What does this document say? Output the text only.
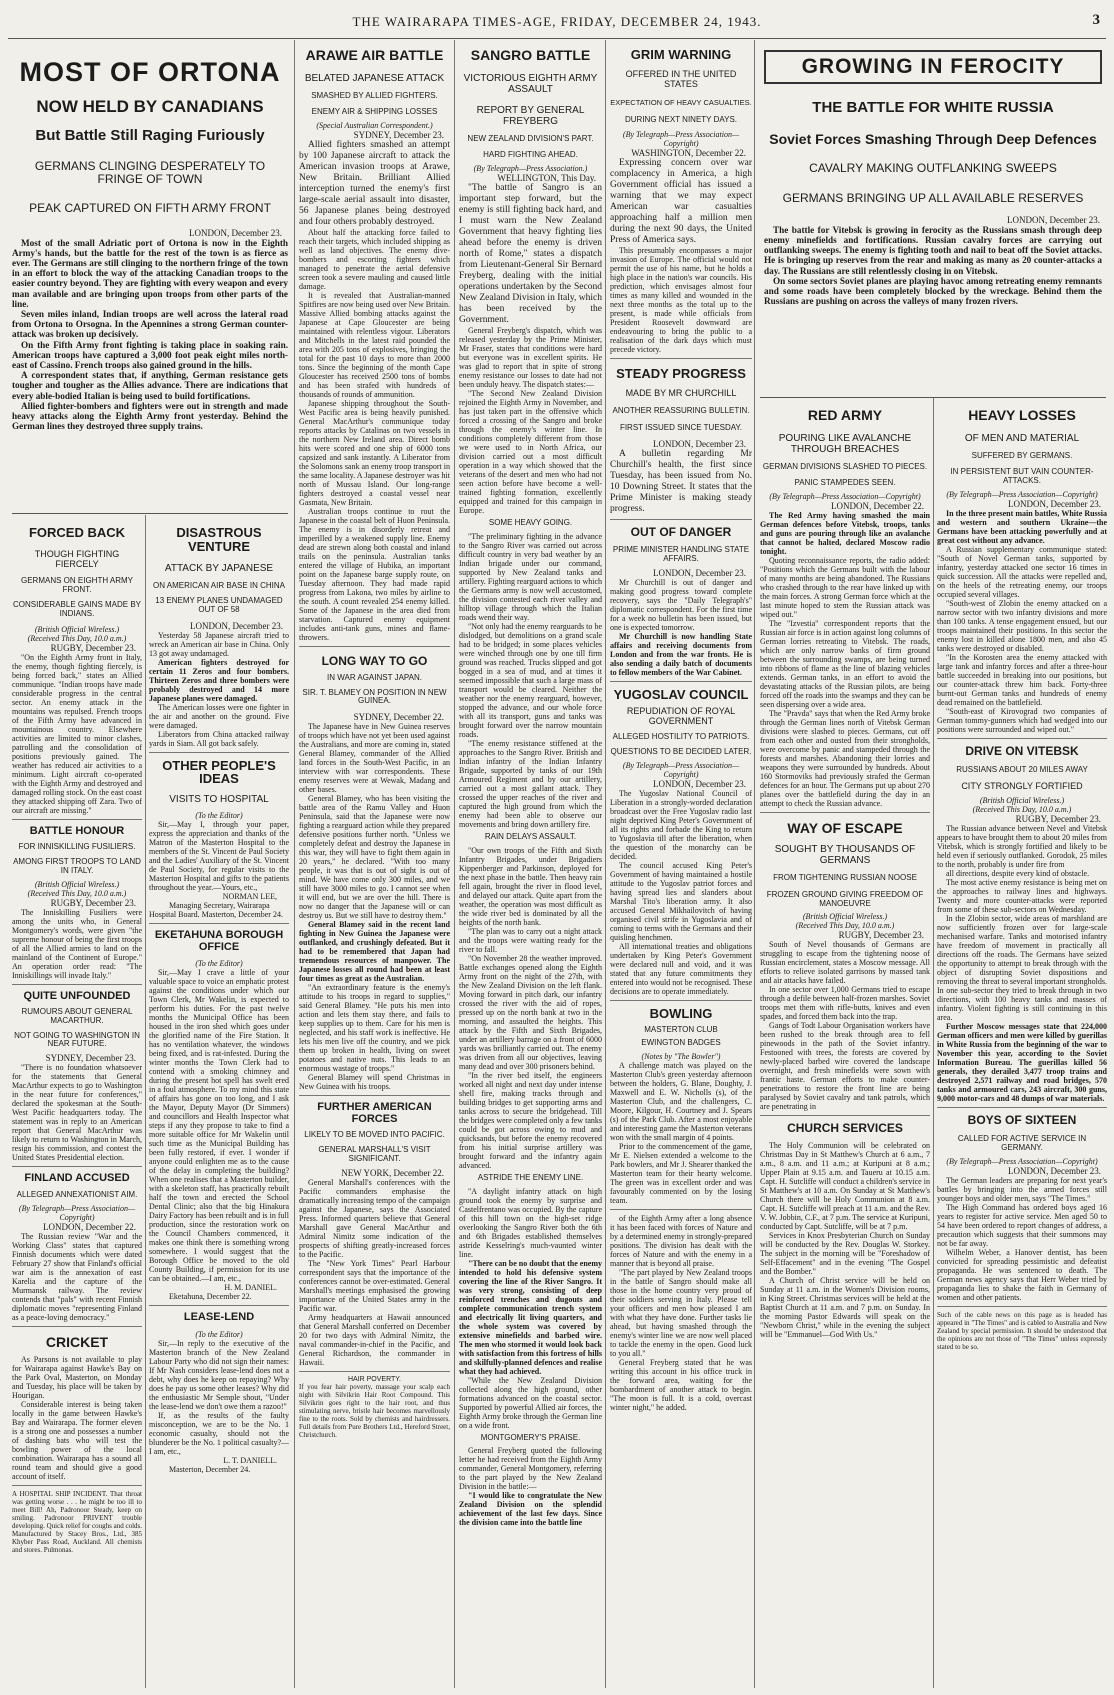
THE WAIRARAPA TIMES-AGE, FRIDAY, DECEMBER 24, 1943.	3
MOST OF ORTONA
NOW HELD BY CANADIANS
But Battle Still Raging Furiously
GERMANS CLINGING DESPERATELY TO FRINGE OF TOWN
PEAK CAPTURED ON FIFTH ARMY FRONT
LONDON, December 23.

Most of the small Adriatic port of Ortona is now in the Eighth Army's hands, but the battle for the rest of the town is as fierce as ever. The Germans are still clinging to the northern fringe of the town in an effort to block the way of the attacking Canadian troops to the easier country beyond. They are fighting with every weapon and every man available and are bringing upon troops from other parts of the line.

Seven miles inland, Indian troops are well across the lateral road from Ortona to Orsogna. In the Apennines a strong German counter-attack was broken up decisively.

On the Fifth Army front fighting is taking place in soaking rain. American troops have captured a 3,000 foot peak eight miles north-east of Cassino. French troops also gained ground in the hills.

A correspondent states that, if anything, German resistance gets tougher and tougher as the Allies advance. There are indications that every able-bodied Italian is being used to build fortifications.

Allied fighter-bombers and fighters were out in strength and made heavy attacks along the Eighth Army front yesterday. Behind the German lines they destroyed three supply trains.

FORCED BACK
THOUGH FIGHTING FIERCELY
GERMANS ON EIGHTH ARMY FRONT.
CONSIDERABLE GAINS MADE BY INDIANS.
(British Official Wireless.)
(Received This Day, 10.0 a.m.)
RUGBY, December 23.

"On the Eighth Army front in Italy, the enemy, though fighting fiercely, is being forced back," states an Allied communique. "Indian troops have made considerable progress in the central sector. An enemy attack in the mountains was repulsed. French troops of the Fifth Army have advanced in mountainous country. Elsewhere activities are limited to minor clashes, patrolling and the consolidation of positions previously gained. The weather has reduced air activities to a minimum. Light aircraft co-operated with the Eighth Army and destroyed and damaged rolling stock. On the east coast they attacked shipping off Zara. Two of our aircraft are missing."

BATTLE HONOUR
FOR INNISKILLING FUSILIERS.
AMONG FIRST TROOPS TO LAND IN ITALY.
(British Official Wireless.)
(Received This Day, 10.0 a.m.)
RUGBY, December 23.

The Inniskilling Fusiliers were among the units who, in General Montgomery's words, were given "the supreme honour of being the first troops of all the Allied armies to land on the mainland of the Continent of Europe." An operation order read: "The Inniskillings will invade Italy."

QUITE UNFOUNDED
RUMOURS ABOUT GENERAL MACARTHUR.
NOT GOING TO WASHINGTON IN NEAR FUTURE.
SYDNEY, December 23.

"There is no foundation whatsoever for the statements that General MacArthur expects to go to Washington in the near future for conferences," declared the spokesman at the South-West Pacific headquarters today. The statement was in reply to an American report that General MacArthur was likely to return to Washington in March, resign his commission, and contest the United States Presidential election.

FINLAND ACCUSED
ALLEGED ANNEXATIONIST AIM.
(By Telegraph—Press Association—Copyright)
LONDON, December 22.

The Russian review "War and the Working Class" states that captured Finnish documents which were dated February 27 show that Finland's official war aim is the annexation of east Karelia and the capture of the Murmansk railway. The review contends that "pals" with recent Finnish diplomatic moves "representing Finland as a peace-loving democracy."

CRICKET

As Parsons is not available to play for Wairarapa against Hawke's Bay on the Park Oval, Masterton, on Monday and Tuesday, his place will be taken by Hourigan.

Considerable interest is being taken locally in the game between Hawke's Bay and Wairarapa. The former eleven is a strong one and possesses a number of dashing bats who will test the bowling power of the local combination. Wairarapa has a sound all round team and should give a good account of itself.

A HOSPITAL SHIP INCIDENT. That throat was getting worse . . . he might be too ill to meet Bill! Ah, Padronoor Steady, keep on smiling. Padronoor PRIVENT trouble developing. Quick relief for coughs and colds. Manufactured by Stacey Bros., Ltd., 385 Khyber Pass Road, Auckland. All chemists and stores. Pulmonas.
DISASTROUS VENTURE
ATTACK BY JAPANESE
ON AMERICAN AIR BASE IN CHINA
13 ENEMY PLANES UNDAMAGED OUT OF 58
LONDON, December 23.

Yesterday 58 Japanese aircraft tried to wreck an American air base in China. Only 13 got away undamaged.

American fighters destroyed for certain 11 Zeros and four bombers. Thirteen Zeros and three bombers were probably destroyed and 14 more Japanese planes were damaged.

The American losses were one fighter in the air and another on the ground. Five were damaged.

Liberators from China attacked railway yards in Siam. All got back safely.

OTHER PEOPLE'S IDEAS
VISITS TO HOSPITAL
(To the Editor)

Sir,—May I, through your paper, express the appreciation and thanks of the Matron of the Masterton Hospital to the members of the St. Vincent de Paul Society and the Ladies' Auxiliary of the St. Vincent de Paul Society, for regular visits to the Masterton Hospital and gifts to the patients throughout the year.—Yours, etc.,

NORMAN LEE,
Managing Secretary, Wairarapa Hospital Board. Masterton, December 24.
EKETAHUNA BOROUGH OFFICE
(To the Editor)

Sir,—May I crave a little of your valuable space to voice an emphatic protest against the conditions under which our Town Clerk, Mr Wakelin, is expected to perform his duties. For the past twelve months the Municipal Office has been housed in the iron shed which goes under the glorified name of the Fire Station. It has no ventilation whatever, the windows being fixed, and is rat-infested. During the winter months the Town Clerk had to contend with a smoking chimney and during the present hot spell has swelt ered in a foul atmosphere. To my mind this state of affairs has gone on too long, and I ask the Mayor, Deputy Mayor (Dr Simmers) and councillors and Health Inspector what steps if any they propose to take to find a more suitable office for Mr Wakelin until such time as the Municipal Building has been fully restored, if ever. I wonder if anyone could enlighten me as to the cause of the delay in completing the building? When one realises that a Masterton builder, with a skeleton staff, has practically rebuilt half the town and erected the School Dental Clinic; also that the big Hinakura Dairy Factory has been rebuilt and is in full production, since the restoration work on the Council Chambers commenced, it makes one think there is something wrong somewhere. I would suggest that the Borough Office be moved to the old County Building, if permission for its use can be obtained.—I am, etc.,

H. M. DANIEL.
Eketahuna, December 22.
LEASE-LEND
(To the Editor)

Sir,—In reply to the executive of the Masterton branch of the New Zealand Labour Party who did not sign their names: If Mr Nash considers lease-lend does not a debt, why does he keep on repaying? Why does he pay us some other leases? Why did the enthusiastic Mr Semple shout, "Under the lease-lend we don't owe them a razoo!"

If, as the results of the faulty misconception, we are to be the No. 1 economic casualty, should not the blunderer be the No. 1 political casualty?—I am, etc.,

L. T. DANIELL.
Masterton, December 24.
ARAWE AIR BATTLE
BELATED JAPANESE ATTACK
SMASHED BY ALLIED FIGHTERS.
ENEMY AIR & SHIPPING LOSSES
(Special Australian Correspondent.)
SYDNEY, December 23.

Allied fighters smashed an attempt by 100 Japanese aircraft to attack the American invasion troops at Arawe, New Britain. Brilliant Allied interception turned the enemy's first large-scale aerial assault into disaster, 56 Japanese planes being destroyed and four others probably destroyed.

About half the attacking force failed to reach their targets, which included shipping as well as land objectives. The enemy dive-bombers and escorting fighters which managed to penetrate the aerial defensive screen took a severe mauling and caused little damage.

It is revealed that Australian-manned Spitfires are now being used over New Britain. Massive Allied bombing attacks against the Japanese at Cape Gloucester are being maintained with relentless vigour. Liberators and Mitchells in the latest raid pounded the area with 205 tons of explosives, bringing the total for the past 10 days to more than 2000 tons. Since the beginning of the month Cape Gloucester has received 2500 tons of bombs and has been strafed with hundreds of thousands of rounds of ammunition.

Japanese shipping throughout the South-West Pacific area is being heavily punished. General MacArthur's communique today reports attacks by Catalinas on two vessels in the northern New Ireland area. Direct bomb hits were scored and one ship of 6000 tons capsized and sank instantly. A Liberator from the Solomons sank an enemy troop transport in the same locality. A Japanese destroyer was hit north of Mussau Island. Our long-range fighters destroyed a coastal vessel near Gasmata, New Britain.

Australian troops continue to rout the Japanese in the coastal belt of Huon Peninsula. The enemy is in disorderly retreat and imperilled by a weakened supply line. Enemy dead are strewn along both coastal and inland trails on the peninsula. Australian tanks entered the village of Hubika, an important point on the Japanese barge supply route, on Tuesday afternoon. They had made rapid progress from Lakona, two miles by airline to the south. A count revealed 254 enemy killed. Some of the Japanese in the area died from starvation. Captured enemy equipment includes anti-tank guns, mines and flame-throwers.

LONG WAY TO GO
IN WAR AGAINST JAPAN.
SIR. T. BLAMEY ON POSITION IN NEW GUINEA.
SYDNEY, December 22.

The Japanese have in New Guinea reserves of troops which have not yet been used against the Australians, and more are coming in, stated General Blamey, commander of the Allied land forces in the South-West Pacific, in an interview with war correspondents. These enemy reserves were at Wewak, Madang and other bases.

General Blamey, who has been visiting the battle area of the Ramu Valley and Huon Peninsula, said that the Japanese were now fighting a rearguard action while they prepared defensive positions further north. "Unless we completely defeat and destroy the Japanese in this war, they will have to fight them again in 20 years," he declared. "With too many people, it was that is out of sight is out of mind. We have come only 300 miles, and we still have 3000 miles to go. I cannot see when it will end, but we are over the hill. There is now no danger that the Japanese will or can destroy us. But we still have to destroy them."

General Blamey said in the recent land fighting in New Guinea the Japanese were outflanked, and crushingly defeated. But it had to be remembered that Japan had tremendous resources of manpower. The Japanese losses all round had been at least four times as great as the Australian.

"An extraordinary feature is the enemy's attitude to his troops in regard to supplies," said General Blamey. "He puts his men into action and lets them stay there, and fails to keep supplies up to them. Care for his men is neglected, and his staff work is ineffective. He lets his men live off the country, and we pick them up broken in health, living on sweet potatoes and native nuts. This leads to an enormous wastage of troops."

General Blamey will spend Christmas in New Guinea with his troops.

FURTHER AMERICAN FORCES
LIKELY TO BE MOVED INTO PACIFIC.
GENERAL MARSHALL'S VISIT SIGNIFICANT.
NEW YORK, December 22.

General Marshall's conferences with the Pacific commanders emphasise the dramatically increasing tempo of the campaign against the Japanese, says the Associated Press. Informed quarters believe that General Marshall gave General MacArthur and Admiral Nimitz some indication of the prospects of shifting greatly-increased forces to the Pacific.

The "New York Times" Pearl Harbour correspondent says that the importance of the conferences cannot be over-estimated. General Marshall's meetings emphasised the growing importance of the United States army in the Pacific war.

Army headquarters at Hawaii announced that General Marshall conferred on December 20 for two days with Admiral Nimitz, the naval commander-in-chief in the Pacific, and General Richardson, the commander in Hawaii.

HAIR POVERTY.
If you fear hair poverty, massage your scalp each night with Silvikrin Hair Root Compound. This Silvikrin goes right to the hair root, and thus stimulating nerve, bristle hair becomes marvellously fine to the roots. Sold by chemists and hairdressers. Full details from Pure Brothers Ltd., Hereford Street, Christchurch.
SANGRO BATTLE
VICTORIOUS EIGHTH ARMY ASSAULT
REPORT BY GENERAL FREYBERG
NEW ZEALAND DIVISION'S PART.
HARD FIGHTING AHEAD.
(By Telegraph—Press Association.)
WELLINGTON, This Day.

"The battle of Sangro is an important step forward, but the enemy is still fighting back hard, and I must warn the New Zealand Government that heavy fighting lies ahead before the enemy is driven north of Rome," states a dispatch from Lieutenant-General Sir Bernard Freyberg, dealing with the initial operations undertaken by the Second New Zealand Division in Italy, which has been received by the Government.

General Freyberg's dispatch, which was released yesterday by the Prime Minister, Mr Fraser, states that conditions were hard but everyone was in excellent spirits. He was glad to report that in spite of strong enemy resistance our losses to date had not been unduly heavy. The dispatch states:—

"The Second New Zealand Division rejoined the Eighth Army in November, and has just taken part in the offensive which forced a crossing of the Sangro and broke through the enemy's winter line. In conditions completely different from those we were used to in North Africa, our division carried out a most difficult operation in a way which showed that the veterans of the desert and men who had not seen action before have become a well-trained fighting formation, excellently equipped and trained for this campaign in Europe.

SOME HEAVY GOING.

"The preliminary fighting in the advance to the Sangro River was carried out across difficult country in very bad weather by an Indian brigade under our command, supported by New Zealand tanks and artillery. Fighting rearguard actions to which the Germans army is now well accustomed, the division contested each river valley and hilltop village through which the Italian roads wend their way.

"Not only had the enemy rearguards to be dislodged, but demolitions on a grand scale had to be bridged; in some places vehicles were winched through one by one till firm ground was reached. Trucks slipped and got bogged in a sea of mud, and at times it seemed impossible that such a large mass of transport would be cleared. Neither the weather nor the enemy rearguard, however, stopped the advance, and our whole force with all its transport, guns and tanks was brought forward over the narrow mountain roads.

"The enemy resistance stiffened at the approaches to the Sangro River. British and Indian infantry of the Indian Infantry Brigade, supported by tanks of our 19th Armoured Regiment and by our artillery, carried out a most gallant attack. They crossed the upper reaches of the river and captured the high ground from which the enemy had been able to observe our movements and bring down artillery fire.

RAIN DELAYS ASSAULT.

"Our own troops of the Fifth and Sixth Infantry Brigades, under Brigadiers Kippenberger and Parkinson, deployed for the next phase in the battle. Then heavy rain fell again, brought the river in flood level, and delayed our attack. Quite apart from the weather, the operation was most difficult as the wide river bed is dominated by all the heights of the north bank.

"The plan was to carry out a night attack and the troops were waiting ready for the river to fall.

"On November 28 the weather improved. Battle exchanges opened along the Eighth Army front on the night of the 27th, with the New Zealand Division on the left flank. Moving forward in pitch dark, our infantry crossed the river with the aid of ropes, pressed up on the north bank at two in the morning, and assaulted the heights. This attack by the Fifth and Sixth Brigades, under an artillery barrage on a front of 6000 yards was brilliantly carried out. The enemy was driven from all our objectives, leaving many dead and over 300 prisoners behind.

"In the river bed itself, the engineers worked all night and next day under intense shell fire, making tracks through and building bridges to get supporting arms and tanks across to secure the bridgehead. Till the bridges were completed only a few tanks could be got across owing to mud and quicksands, but before the enemy recovered from his initial surprise artillery was brought forward and the infantry again advanced.

ASTRIDE THE ENEMY LINE.

"A daylight infantry attack on high ground took the enemy by surprise and Castelfrentano was occupied. By the capture of this hill town on the high-set ridge overlooking the Sangro River both the 6th and 6th Brigades established themselves astride Kesselring's much-vaunted winter line.

"There can be no doubt that the enemy intended to hold his defensive system covering the line of the River Sangro. It was very strong, consisting of deep reinforced trenches and dugouts and complete communication trench system and electrically lit living quarters, and the whole system was covered by extensive minefields and barbed wire. The men who stormed it would look back with satisfaction from this fortress of hills and skilfully-planned defences and realise what they had achieved.

"While the New Zealand Division collected along the high ground, other formations advanced on the coastal sector. Supported by powerful Allied air forces, the Eighth Army broke through the German line on a wide front.

MONTGOMERY'S PRAISE.

General Freyberg quoted the following letter he had received from the Eighth Army commander, General Montgomery, referring to the part played by the New Zealand Division in the battle:—

"I would like to congratulate the New Zealand Division on the splendid achievement of the last few days. Since the division came into the battle line

GRIM WARNING
OFFERED IN THE UNITED STATES
EXPECTATION OF HEAVY CASUALTIES.
DURING NEXT NINETY DAYS.
(By Telegraph—Press Association—Copyright)
WASHINGTON, December 22.

Expressing concern over war complacency in America, a high Government official has issued a warning that we may expect American war casualties approaching half a million men during the next 90 days, the United Press of America says.

This presumably encompasses a major invasion of Europe. The official would not permit the use of his name, but he holds a high place in the nation's war councils. His prediction, which envisages almost four times as many killed and wounded in the next three months as the total up to the present, is made while officials from President Roosevelt downward are endeavouring to bring the public to a realisation of the dark days which must precede victory.

STEADY PROGRESS
MADE BY MR CHURCHILL
ANOTHER REASSURING BULLETIN.
FIRST ISSUED SINCE TUESDAY.
LONDON, December 23.

A bulletin regarding Mr Churchill's health, the first since Tuesday, has been issued from No. 10 Downing Street. It states that the Prime Minister is making steady progress.

OUT OF DANGER
PRIME MINISTER HANDLING STATE AFFAIRS.
LONDON, December 23.

Mr Churchill is out of danger and making good progress toward complete recovery, says the "Daily Telegraph's" diplomatic correspondent. For the first time for a week no bulletin has been issued, but one is expected tomorrow.

Mr Churchill is now handling State affairs and receiving documents from London and from the war fronts. He is also sending a daily batch of documents to fellow members of the War Cabinet.

YUGOSLAV COUNCIL
REPUDIATION OF ROYAL GOVERNMENT
ALLEGED HOSTILITY TO PATRIOTS.
QUESTIONS TO BE DECIDED LATER.
(By Telegraph—Press Association—Copyright)
LONDON, December 23.

The Yugoslav National Council of Liberation in a strongly-worded declaration broadcast over the Free Yugoslav radio last night deprived King Peter's Government of all its rights and forbade the King to return to Yugoslavia till after the liberation, when the question of the monarchy can be decided.

The council accused King Peter's Government of having maintained a hostile attitude to the Yugoslav patriot forces and having spread lies and slanders about Marshal Tito's liberation army. It also accused General Mikhailovitch of having organised civil strife in Yugoslavia and of coming to terms with the Germans and their quisling henchmen.

All international treaties and obligations undertaken by King Peter's Government were declared null and void, and it was stated that any future commitments they entered into would not be recognised. These decisions are to operate immediately.

BOWLING
MASTERTON CLUB
EWINGTON BADGES
(Notes by "The Bowler")

A challenge match was played on the Masterton Club's green yesterday afternoon between the holders, G. Blane, Doughty, J. Maxwell and E. W. Nicholls (s), of the Masterton Club, and the challengers, C. Moore, Kilgour, H. Courtney and J. Spears (s) of the Park Club. After a most enjoyable and interesting game the Masterton veterans won with the small margin of 4 points.

Prior to the commencement of the game, Mr E. Nielsen extended a welcome to the Park bowlers, and Mr J. Shearer thanked the Masterton team for their hearty welcome. The green was in excellent order and was favourably commented on by the losing team.

of the Eighth Army after a long absence it has been faced with forces of Nature and by a determined enemy in strongly-prepared positions. The division has dealt with the forces of Nature and with the enemy in a manner that is beyond all praise.

"The part played by New Zealand troops in the battle of Sangro should make all those in the home country very proud of their soldiers serving in Italy. Please tell your officers and men how pleased I am with what they have done. Further tasks lie ahead, but having smashed through the enemy's winter line we are now well placed to tackle the enemy in the open. Good luck to you all."

General Freyberg stated that he was writing this account in his office truck in the forward area, waiting for the bombardment of another attack to begin. "The moon is full. It is a cold, overcast winter night," he added.

GROWING IN FEROCITY
THE BATTLE FOR WHITE RUSSIA
Soviet Forces Smashing Through Deep Defences
CAVALRY MAKING OUTFLANKING SWEEPS
GERMANS BRINGING UP ALL AVAILABLE RESERVES
LONDON, December 23.

The battle for Vitebsk is growing in ferocity as the Russians smash through deep enemy minefields and fortifications. Russian cavalry forces are carrying out outflanking sweeps. The enemy is fighting tooth and nail to beat off the Soviet attacks. He is bringing up reserves from the rear and making as many as 20 counter-attacks a day. The Russians are still relentlessly closing in on Vitebsk.

On some sectors Soviet planes are playing havoc among retreating enemy remnants and some roads have been completely blocked by the wreckage. Behind them the Russians are pushing on across the valleys of many frozen rivers.

RED ARMY
POURING LIKE AVALANCHE THROUGH BREACHES
GERMAN DIVISIONS SLASHED TO PIECES.
PANIC STAMPEDES SEEN.
(By Telegraph—Press Association—Copyright)
LONDON, December 22.

The Red Army having smashed the main German defences before Vitebsk, troops, tanks and guns are pouring through like an avalanche that cannot be halted, declared Moscow radio tonight.

Quoting reconnaissance reports, the radio added: "Positions which the Germans built with the labour of many months are being abandoned. The Russians who crashed through to the rear have linked up with the main forces. A strong German force which at the last minute hoped to stem the Russian attack was wiped out."

The "Izvestia" correspondent reports that the Russian air force is in action against long columns of German lorries retreating to Vitebsk. The roads, which are only narrow banks of firm ground between the surrounding swamps, are being turned into ribbons of flame as the line of blazing vehicles extends. German tanks, in an effort to avoid the devastating attacks of the Russian pilots, are being forced off the roads into the swamps and they can be seen dispersing over a wide area.

The "Pravda" says that when the Red Army broke through the German lines north of Vitebsk German divisions were slashed to pieces. Germans, cut off from each other and ousted from their strongholds, were overcome by panic and stampeded through the forests and marshes. Abandoning their lorries and weapons they were surrounded by hundreds. About 160 Stormoviks had previously strafed the German defences for an hour. The Germans put up about 270 planes over the battlefield during the day in an attempt to check the Russian advance.

WAY OF ESCAPE
SOUGHT BY THOUSANDS OF GERMANS
FROM TIGHTENING RUSSIAN NOOSE
FROZEN GROUND GIVING FREEDOM OF MANOEUVRE
(British Official Wireless.)
(Received This Day, 10.0 a.m.)
RUGBY, December 23.

South of Nevel thousands of Germans are struggling to escape from the tightening noose of Russian encirclement, states a Moscow message. All efforts to relieve isolated garrisons by massed tank and air attacks have failed.

In one sector over 1,000 Germans tried to escape through a defile between half-frozen marshes. Soviet troops met them with rifle-butts, knives and even spades, and forced them back into the trap.

Gangs of Todt Labour Organisation workers have been rushed to the break through area to fell pinewoods in the path of the Soviet infantry. Festooned with trees, the forests are covered by newly-placed barbed wire covered the landscape overnight, and fresh minefields were sown with frantic haste. German efforts to make counter-penetrations to restore the front line are being paralysed by Soviet cavalry and tank patrols, which are penetrating in

CHURCH SERVICES

The Holy Communion will be celebrated on Christmas Day in St Matthew's Church at 6 a.m., 7 a.m., 8 a.m. and 11 a.m.; at Kuripuni at 8 a.m.; Upper Plain at 9.15 a.m. and Taueru at 10.15 a.m. Capt. H. Sutcliffe will conduct a children's service in St Matthew's at 10 a.m. On Sunday at St Matthew's Church there will be Holy Communion at 8 a.m. Capt. H. Sutcliffe will preach at 11 a.m. and the Rev. V. W. Jobbin, C.F., at 7 p.m. The service at Kuripuni, conducted by Capt. Sutcliffe, will be at 7 p.m.

Services in Knox Presbyterian Church on Sunday will be conducted by the Rev. Douglas W. Storkey. The subject in the morning will be "Foreshadow of Self-Effacement" and in the evening "The Gospel and the Bomber."

A Church of Christ service will be held on Sunday at 11 a.m. in the Women's Division rooms, in King Street. Christmas services will be held at the Baptist Church at 11 a.m. and 7 p.m. on Sunday. In the morning Pastor Edwards will speak on the "Newborn Christ," while in the evening the subject will be "Emmanuel—God With Us."

HEAVY LOSSES
OF MEN AND MATERIAL
SUFFERED BY GERMANS.
IN PERSISTENT BUT VAIN COUNTER-ATTACKS.
(By Telegraph—Press Association—Copyright)
LONDON, December 23.

In the three present main battles, White Russia and western and southern Ukraine—the Germans have been attacking powerfully and at great cost without any advance.

A Russian supplementary communique stated: "South of Novel German tanks, supported by infantry, yesterday attacked one sector 16 times in quick succession. All the attacks were repelled and, on the heels of the retreating enemy, our troops occupied several villages.

"South-west of Zlobin the enemy attacked on a narrow sector with two infantry divisions and more than 100 tanks. A tense engagement ensued, but our troops maintained their positions. In this sector the enemy lost in killed alone 1800 men, and also 45 tanks were destroyed or disabled.

"In the Korosten area the enemy attacked with large tank and infantry forces and after a three-hour battle succeeded in breaking into our positions, but our counter-attack threw him back. Forty-three burnt-out German tanks and hundreds of enemy dead remained on the battlefield.

"South-east of Kirovograd two companies of German tommy-gunners which had wedged into our positions were surrounded and wiped out."

DRIVE ON VITEBSK
RUSSIANS ABOUT 20 MILES AWAY
CITY STRONGLY FORTIFIED
(British Official Wireless.)
(Received This Day, 10.0 a.m.)
RUGBY, December 23.

The Russian advance between Nevel and Vitebsk appears to have brought them to about 20 miles from Vitebsk, which is strongly fortified and likely to be held even if seriously outflanked. Gorodok, 25 miles to the north, probably is under fire from

all directions, despite every kind of obstacle.

The most active enemy resistance is being met on the approaches to railway lines and highways. Twenty and more counter-attacks were reported from some of these sub-sectors on Wednesday.

In the Zlobin sector, wide areas of marshland are now sufficiently frozen over for large-scale mechanised warfare. Tanks and motorised infantry have freedom of movement in practically all directions off the roads. The Germans have seized the opportunity to attempt to break through with the object of disrupting Soviet dispositions and removing the threat to several important strongholds. In one sub-sector they tried to break through in two directions, with 100 heavy tanks and masses of infantry. Violent fighting is still continuing in this area.

Further Moscow messages state that 224,000 German officers and men were killed by guerillas in White Russia from the beginning of the war to November this year, according to the Soviet Information Bureau. The guerillas killed 56 generals, they derailed 3,477 troop trains and destroyed 2,571 railway and road bridges, 570 tanks and armoured cars, 243 aircraft, 300 guns, 9,000 motor-cars and 48 dumps of war materials.

BOYS OF SIXTEEN
CALLED FOR ACTIVE SERVICE IN GERMANY.
(By Telegraph—Press Association—Copyright)
LONDON, December 23.

The German leaders are preparing for next year's battles by bringing into the armed forces still younger boys and older men, says "The Times."

The High Command has ordered boys aged 16 years to register for active service. Men aged 50 to 54 have been ordered to report changes of address, a precaution which suggests that their summons may not be far away.

Wilhelm Weber, a Hanover dentist, has been convicted for spreading pessimistic and defeatist propaganda. He was sentenced to death. The German news agency says that Herr Weber tried by propaganda lies to shake the faith in Germany of women and other patients.

Such of the cable news on this page as is headed has appeared in "The Times" and is cabled to Australia and New Zealand by special permission. It should be understood that the opinions are not those of "The Times" unless expressly stated to be so.
